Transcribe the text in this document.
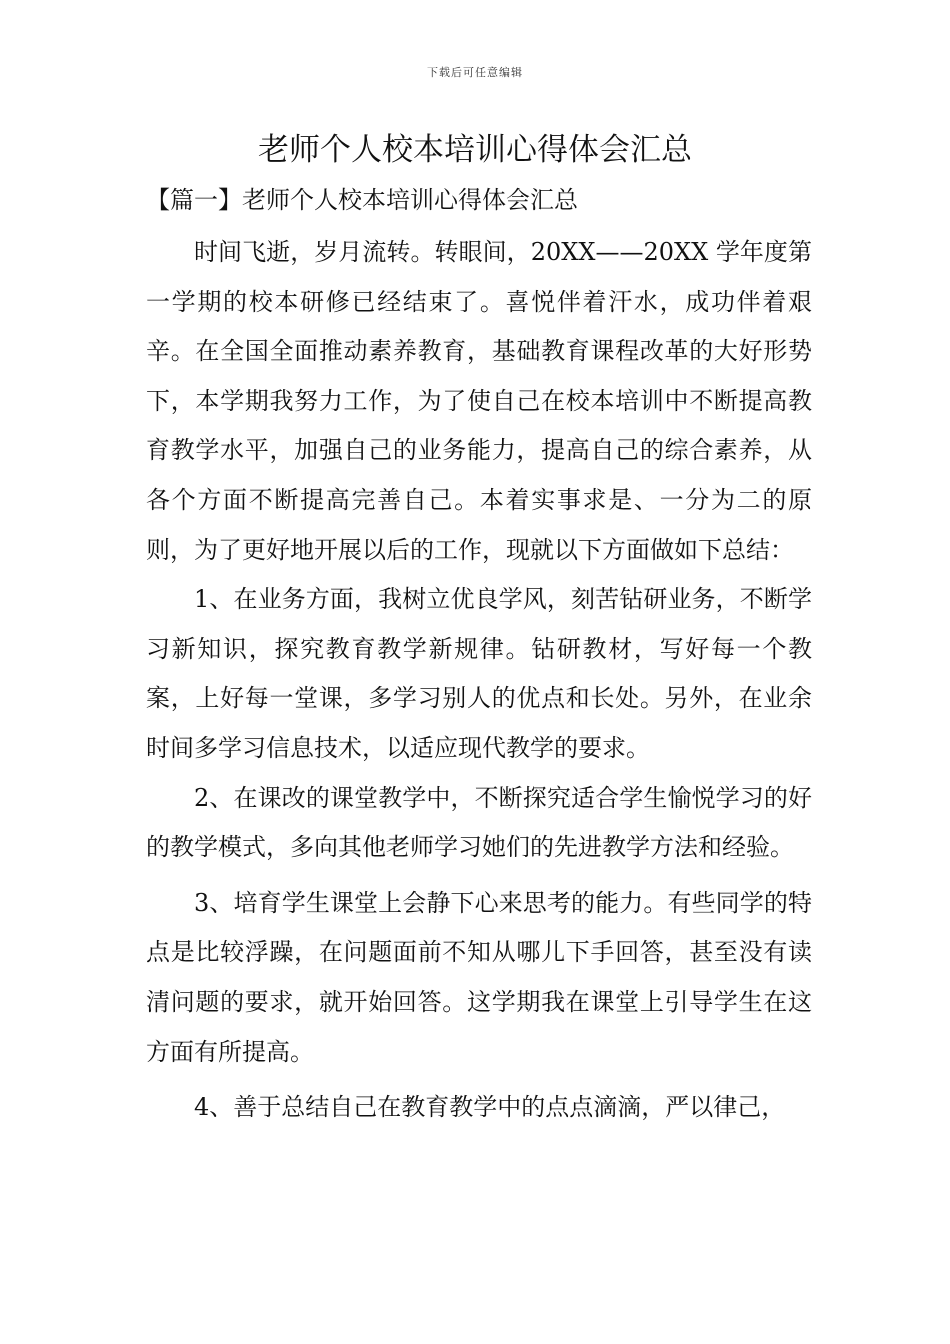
下载后可任意编辑
老师个人校本培训心得体会汇总
【篇一】老师个人校本培训心得体会汇总

时间飞逝，岁月流转。转眼间，20XX——20XX 学年度第一学期的校本研修已经结束了。喜悦伴着汗水，成功伴着艰辛。在全国全面推动素养教育，基础教育课程改革的大好形势下，本学期我努力工作，为了使自己在校本培训中不断提高教育教学水平，加强自己的业务能力，提高自己的综合素养，从各个方面不断提高完善自己。本着实事求是、一分为二的原则，为了更好地开展以后的工作，现就以下方面做如下总结：

1、在业务方面，我树立优良学风，刻苦钻研业务，不断学习新知识，探究教育教学新规律。钻研教材，写好每一个教案，上好每一堂课，多学习别人的优点和长处。另外，在业余时间多学习信息技术，以适应现代教学的要求。

2、在课改的课堂教学中，不断探究适合学生愉悦学习的好的教学模式，多向其他老师学习她们的先进教学方法和经验。

3、培育学生课堂上会静下心来思考的能力。有些同学的特点是比较浮躁，在问题面前不知从哪儿下手回答，甚至没有读清问题的要求，就开始回答。这学期我在课堂上引导学生在这方面有所提高。

4、善于总结自己在教育教学中的点点滴滴，严以律己，
